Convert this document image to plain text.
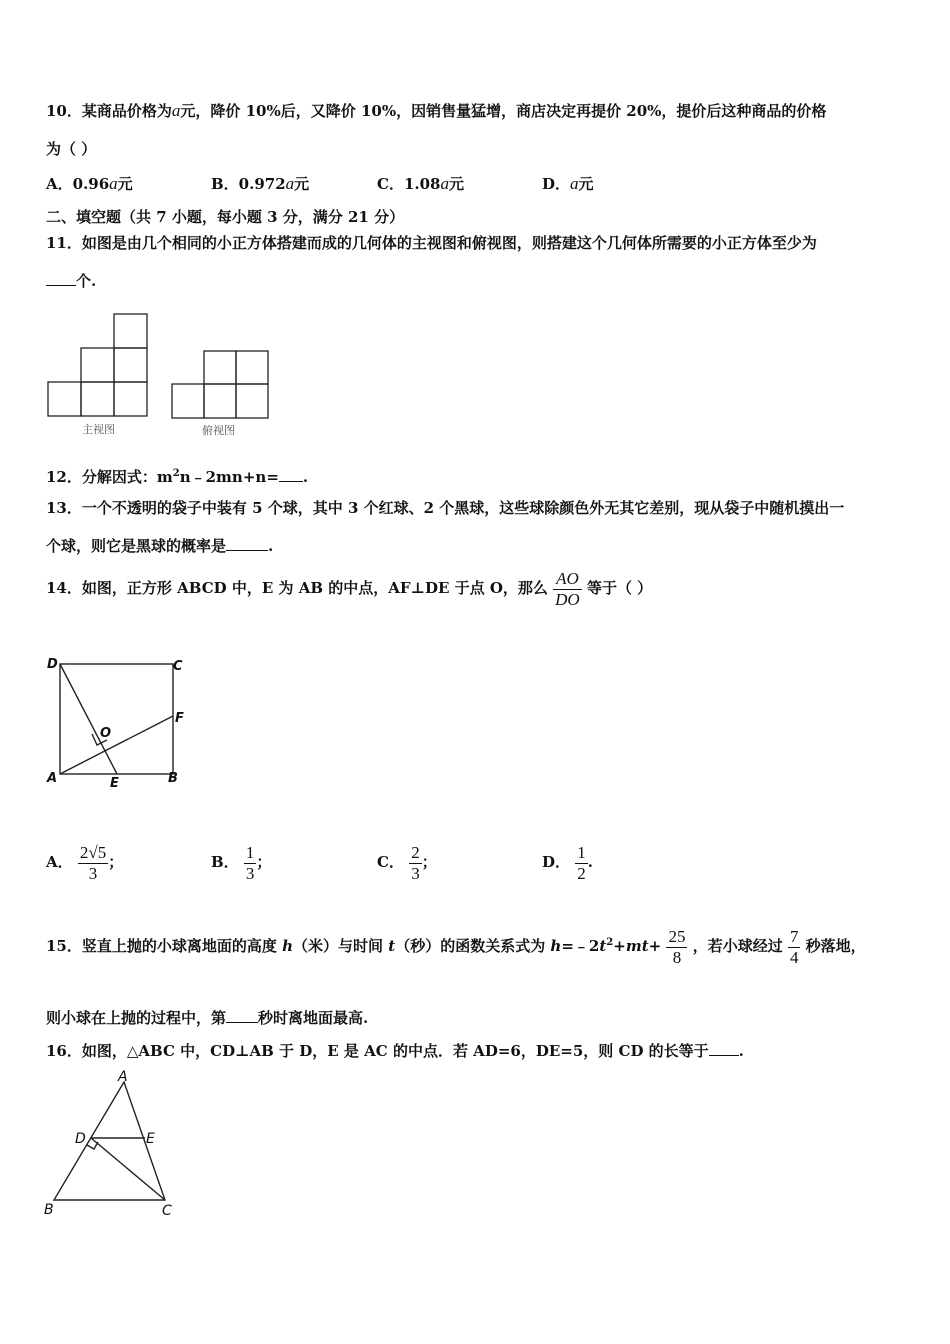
10．某商品价格为a元，降价 10%后，又降价 10%，因销售量猛增，商店决定再提价 20%，提价后这种商品的价格
为（ ）
A．0.96a元	B．0.972a元	C．1.08a元	D．a元
二、填空题（共 7 小题，每小题 3 分，满分 21 分）
11．如图是由几个相同的小正方体搭建而成的几何体的主视图和俯视图，则搭建这个几何体所需要的小正方体至少为
个.
主视图	俯视图
12．分解因式：$m^2n﹣2mn+n=$ .
13．一个不透明的袋子中装有 5 个球，其中 3 个红球、2 个黑球，这些球除颜色外无其它差别，现从袋子中随机摸出一
个球，则它是黑球的概率是	.
14．如图，正方形 ABCD 中，E 为 AB 的中点，AF⊥DE 于点 O，那么 $\frac{AO}{DO}$ 等于（ ）
D	C
F
O
A	E	B
A． $\frac{2√5}{3}$ ；	B． $\frac{1}{3}$ ；	C． $\frac{2}{3}$ ；	D． $\frac{1}{2}$ .
15．竖直上抛的小球离地面的高度 h（米）与时间 t（秒）的函数关系式为 $h=﹣2t^2+mt+ \frac{25}{8}$ ，若小球经过 $\frac{7}{4}$ 秒落地，
则小球在上抛的过程中，第 秒时离地面最高.
16．如图，△ABC 中，CD⊥AB 于 D，E 是 AC 的中点．若 AD=6，DE=5，则 CD 的长等于 .
A
D	E
B	C
